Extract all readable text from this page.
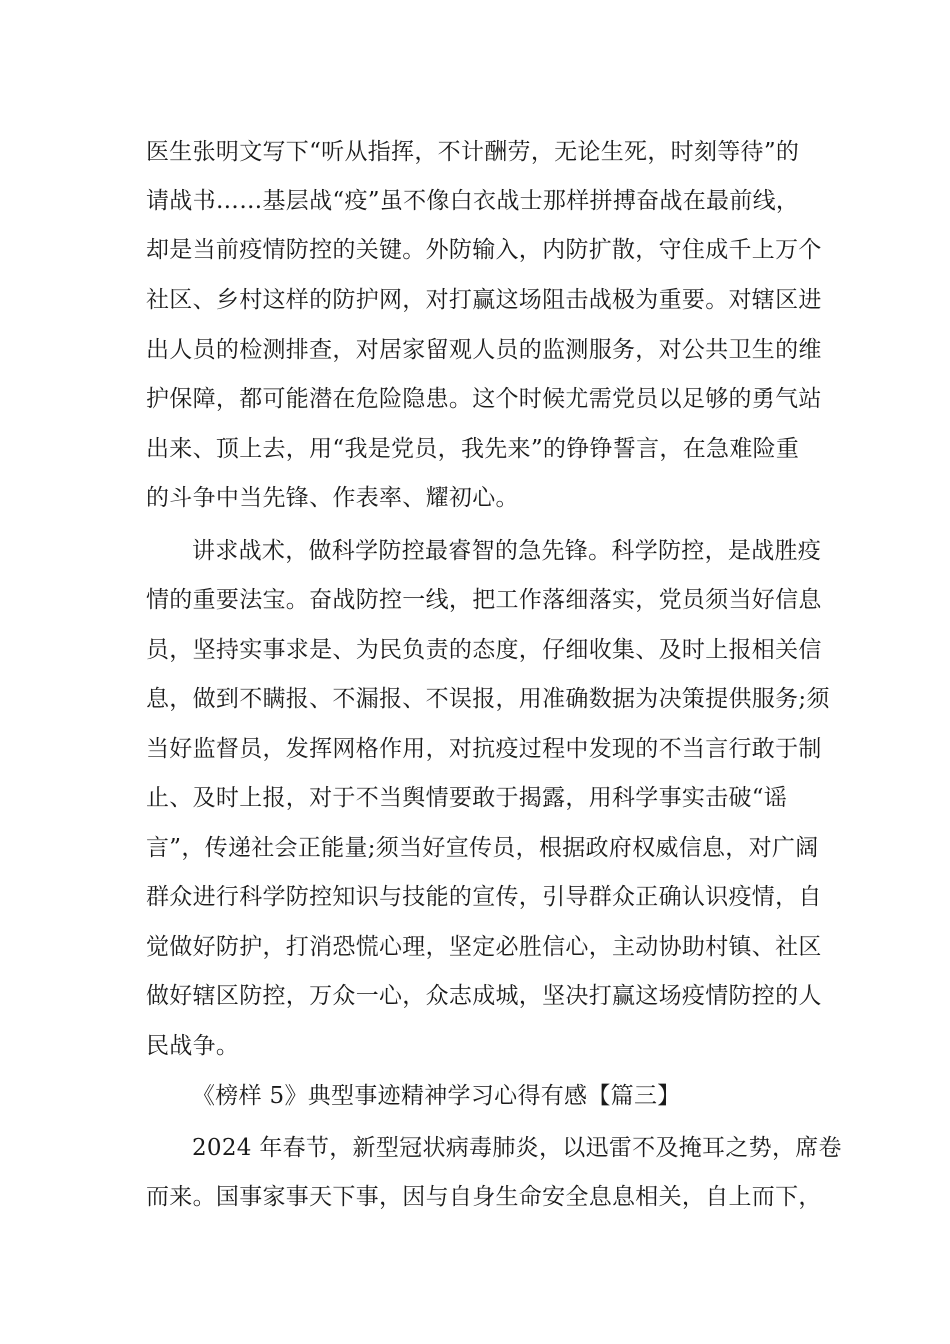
医生张明文写下“听从指挥，不计酬劳，无论生死，时刻等待”的
请战书……基层战“疫”虽不像白衣战士那样拼搏奋战在最前线，
却是当前疫情防控的关键。外防输入，内防扩散，守住成千上万个
社区、乡村这样的防护网，对打赢这场阻击战极为重要。对辖区进
出人员的检测排查，对居家留观人员的监测服务，对公共卫生的维
护保障，都可能潜在危险隐患。这个时候尤需党员以足够的勇气站
出来、顶上去，用“我是党员，我先来”的铮铮誓言，在急难险重
的斗争中当先锋、作表率、耀初心。
讲求战术，做科学防控最睿智的急先锋。科学防控，是战胜疫
情的重要法宝。奋战防控一线，把工作落细落实，党员须当好信息
员，坚持实事求是、为民负责的态度，仔细收集、及时上报相关信
息，做到不瞒报、不漏报、不误报，用准确数据为决策提供服务;须
当好监督员，发挥网格作用，对抗疫过程中发现的不当言行敢于制
止、及时上报，对于不当舆情要敢于揭露，用科学事实击破“谣
言”，传递社会正能量;须当好宣传员，根据政府权威信息，对广阔
群众进行科学防控知识与技能的宣传，引导群众正确认识疫情，自
觉做好防护，打消恐慌心理，坚定必胜信心，主动协助村镇、社区
做好辖区防控，万众一心，众志成城，坚决打赢这场疫情防控的人
民战争。
《榜样 5》典型事迹精神学习心得有感【篇三】
2024 年春节，新型冠状病毒肺炎，以迅雷不及掩耳之势，席卷
而来。国事家事天下事，因与自身生命安全息息相关，自上而下，
